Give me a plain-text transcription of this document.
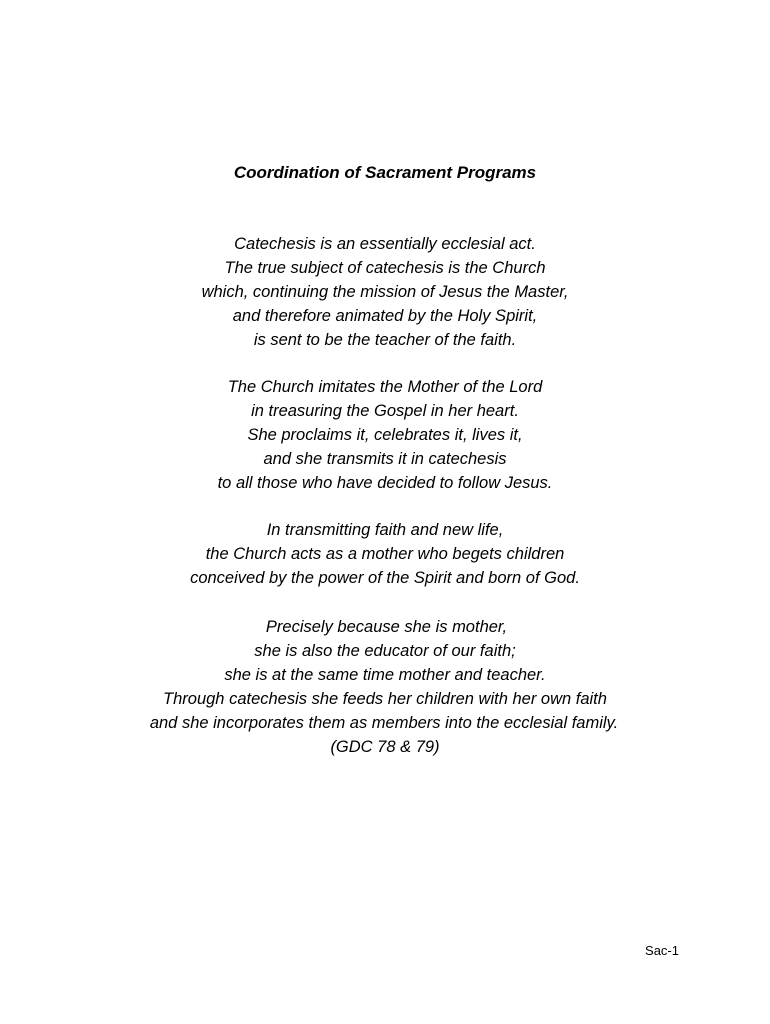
Coordination of Sacrament Programs
Catechesis is an essentially ecclesial act.
The true subject of catechesis is the Church
which, continuing the mission of Jesus the Master,
and therefore animated by the Holy Spirit,
is sent to be the teacher of the faith.
The Church imitates the Mother of the Lord
in treasuring the Gospel in her heart.
She proclaims it, celebrates it, lives it,
and she transmits it in catechesis
to all those who have decided to follow Jesus.
In transmitting faith and new life,
the Church acts as a mother who begets children
conceived by the power of the Spirit and born of God.
Precisely because she is mother,
she is also the educator of our faith;
she is at the same time mother and teacher.
Through catechesis she feeds her children with her own faith
and she incorporates them as members into the ecclesial family.
(GDC 78 & 79)
Sac-1
